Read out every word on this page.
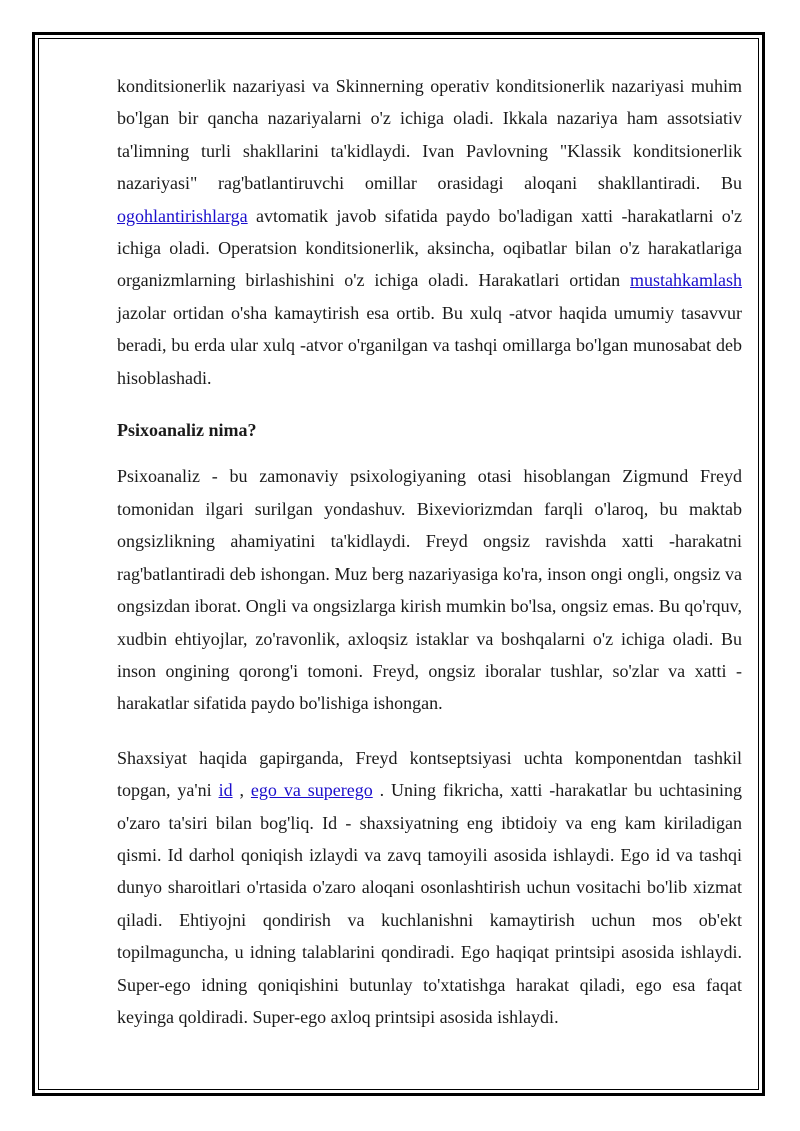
konditsionerlik nazariyasi va Skinnerning operativ konditsionerlik nazariyasi muhim bo'lgan bir qancha nazariyalarni o'z ichiga oladi. Ikkala nazariya ham assotsiativ ta'limning turli shakllarini ta'kidlaydi. Ivan Pavlovning "Klassik konditsionerlik nazariyasi" rag'batlantiruvchi omillar orasidagi aloqani shakllantiradi. Bu ogohlantirishlarga avtomatik javob sifatida paydo bo'ladigan xatti -harakatlarni o'z ichiga oladi. Operatsion konditsionerlik, aksincha, oqibatlar bilan o'z harakatlariga organizmlarning birlashishini o'z ichiga oladi. Harakatlari ortidan mustahkamlash jazolar ortidan o'sha kamaytirish esa ortib. Bu xulq -atvor haqida umumiy tasavvur beradi, bu erda ular xulq -atvor o'rganilgan va tashqi omillarga bo'lgan munosabat deb hisoblashadi.

Psixoanaliz nima?

Psixoanaliz - bu zamonaviy psixologiyaning otasi hisoblangan Zigmund Freyd tomonidan ilgari surilgan yondashuv. Bixeviorizmdan farqli o'laroq, bu maktab ongsizlikning ahamiyatini ta'kidlaydi. Freyd ongsiz ravishda xatti -harakatni rag'batlantiradi deb ishongan. Muz berg nazariyasiga ko'ra, inson ongi ongli, ongsiz va ongsizdan iborat. Ongli va ongsizlarga kirish mumkin bo'lsa, ongsiz emas. Bu qo'rquv, xudbin ehtiyojlar, zo'ravonlik, axloqsiz istaklar va boshqalarni o'z ichiga oladi. Bu inson ongining qorong'i tomoni. Freyd, ongsiz iboralar tushlar, so'zlar va xatti -harakatlar sifatida paydo bo'lishiga ishongan.

Shaxsiyat haqida gapirganda, Freyd kontseptsiyasi uchta komponentdan tashkil topgan, ya'ni id , ego va superego . Uning fikricha, xatti -harakatlar bu uchtasining o'zaro ta'siri bilan bog'liq. Id - shaxsiyatning eng ibtidoiy va eng kam kiriladigan qismi. Id darhol qoniqish izlaydi va zavq tamoyili asosida ishlaydi. Ego id va tashqi dunyo sharoitlari o'rtasida o'zaro aloqani osonlashtirish uchun vositachi bo'lib xizmat qiladi. Ehtiyojni qondirish va kuchlanishni kamaytirish uchun mos ob'ekt topilmaguncha, u idning talablarini qondiradi. Ego haqiqat printsipi asosida ishlaydi. Super-ego idning qoniqishini butunlay to'xtatishga harakat qiladi, ego esa faqat keyinga qoldiradi. Super-ego axloq printsipi asosida ishlaydi.
